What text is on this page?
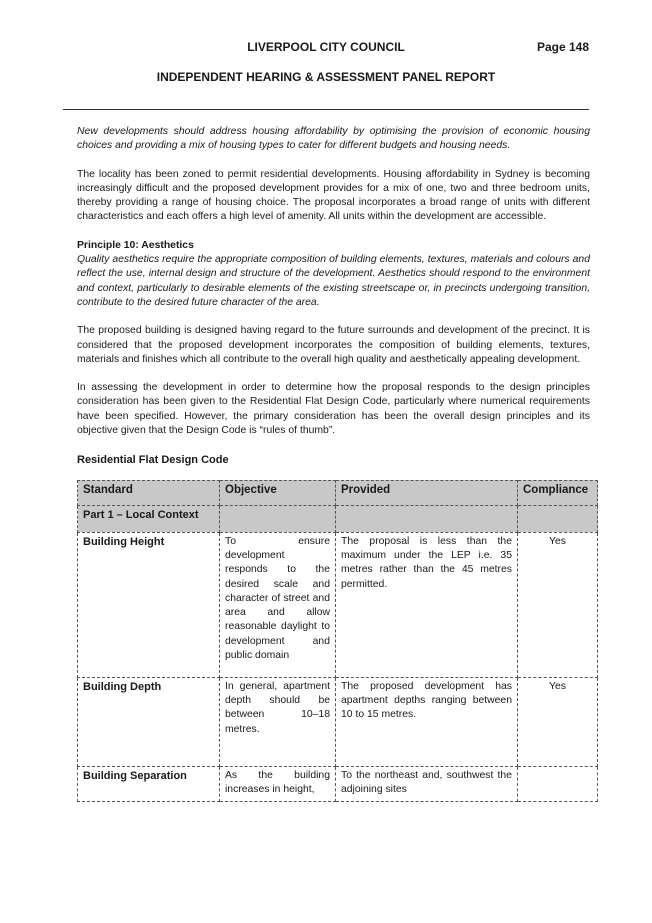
LIVERPOOL CITY COUNCIL	Page 148
INDEPENDENT HEARING & ASSESSMENT PANEL REPORT

New developments should address housing affordability by optimising the provision of economic housing choices and providing a mix of housing types to cater for different budgets and housing needs.

The locality has been zoned to permit residential developments. Housing affordability in Sydney is becoming increasingly difficult and the proposed development provides for a mix of one, two and three bedroom units, thereby providing a range of housing choice. The proposal incorporates a broad range of units with different characteristics and each offers a high level of amenity. All units within the development are accessible.

Principle 10: Aesthetics

Quality aesthetics require the appropriate composition of building elements, textures, materials and colours and reflect the use, internal design and structure of the development. Aesthetics should respond to the environment and context, particularly to desirable elements of the existing streetscape or, in precincts undergoing transition, contribute to the desired future character of the area.

The proposed building is designed having regard to the future surrounds and development of the precinct. It is considered that the proposed development incorporates the composition of building elements, textures, materials and finishes which all contribute to the overall high quality and aesthetically appealing development.

In assessing the development in order to determine how the proposal responds to the design principles consideration has been given to the Residential Flat Design Code, particularly where numerical requirements have been specified. However, the primary consideration has been the overall design principles and its objective given that the Design Code is “rules of thumb”.

Residential Flat Design Code
Standard	Objective	Provided	Compliance
Part 1 – Local Context			
Building Height	To ensure development responds to the desired scale and character of street and area and allow reasonable daylight to development and public domain	The proposal is less than the maximum under the LEP i.e. 35 metres rather than the 45 metres permitted.	Yes
Building Depth	In general, apartment depth should be between 10–18 metres.	The proposed development has apartment depths ranging between 10 to 15 metres.	Yes
Building Separation	As the building increases in height,	To the northeast and, southwest the adjoining sites	
